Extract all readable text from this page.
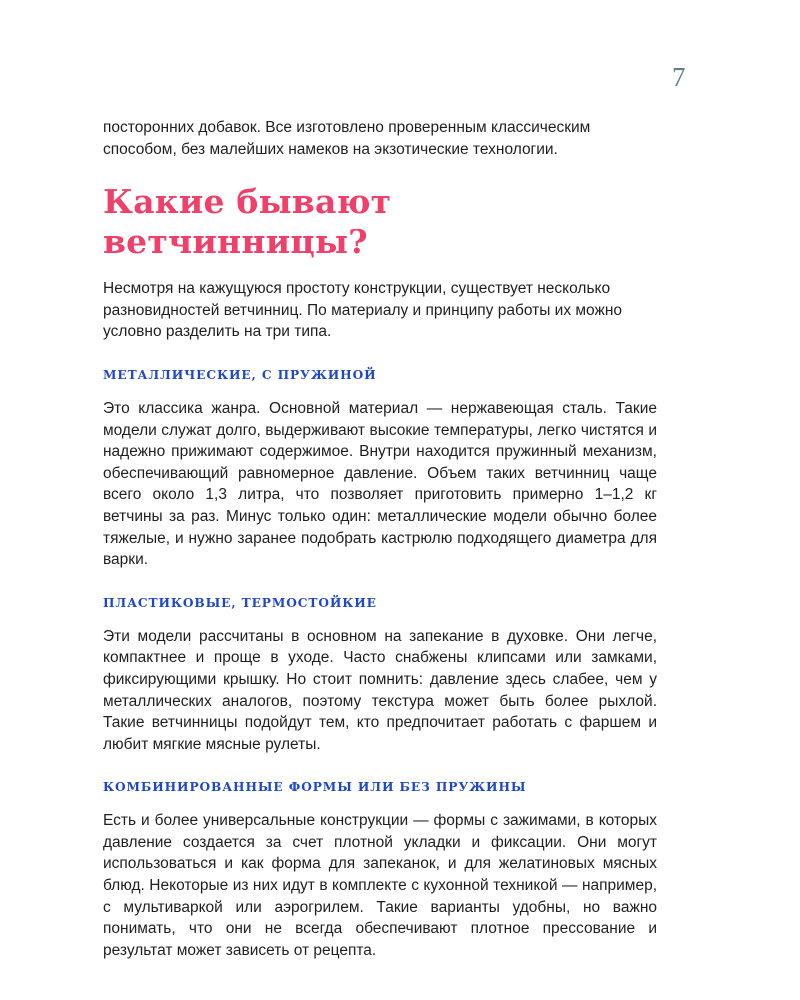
7

посторонних добавок. Все изготовлено проверенным классическим способом, без малейших намеков на экзотические технологии.

Какие бывают ветчинницы?

Несмотря на кажущуюся простоту конструкции, существует несколько разновидностей ветчинниц. По материалу и принципу работы их можно условно разделить на три типа.

МЕТАЛЛИЧЕСКИЕ, С ПРУЖИНОЙ

Это классика жанра. Основной материал — нержавеющая сталь. Такие модели служат долго, выдерживают высокие температуры, легко чистятся и надежно прижимают содержимое. Внутри находится пружинный механизм, обеспечивающий равномерное давление. Объем таких ветчинниц чаще всего около 1,3 литра, что позволяет приготовить примерно 1–1,2 кг ветчины за раз. Минус только один: металлические модели обычно более тяжелые, и нужно заранее подобрать кастрюлю подходящего диаметра для варки.

ПЛАСТИКОВЫЕ, ТЕРМОСТОЙКИЕ

Эти модели рассчитаны в основном на запекание в духовке. Они легче, компактнее и проще в уходе. Часто снабжены клипсами или замками, фиксирующими крышку. Но стоит помнить: давление здесь слабее, чем у металлических аналогов, поэтому текстура может быть более рыхлой. Такие ветчинницы подойдут тем, кто предпочитает работать с фаршем и любит мягкие мясные рулеты.

КОМБИНИРОВАННЫЕ ФОРМЫ ИЛИ БЕЗ ПРУЖИНЫ

Есть и более универсальные конструкции — формы с зажимами, в которых давление создается за счет плотной укладки и фиксации. Они могут использоваться и как форма для запеканок, и для желатиновых мясных блюд. Некоторые из них идут в комплекте с кухонной техникой — например, с мультиваркой или аэрогрилем. Такие варианты удобны, но важно понимать, что они не всегда обеспечивают плотное прессование и результат может зависеть от рецепта.
